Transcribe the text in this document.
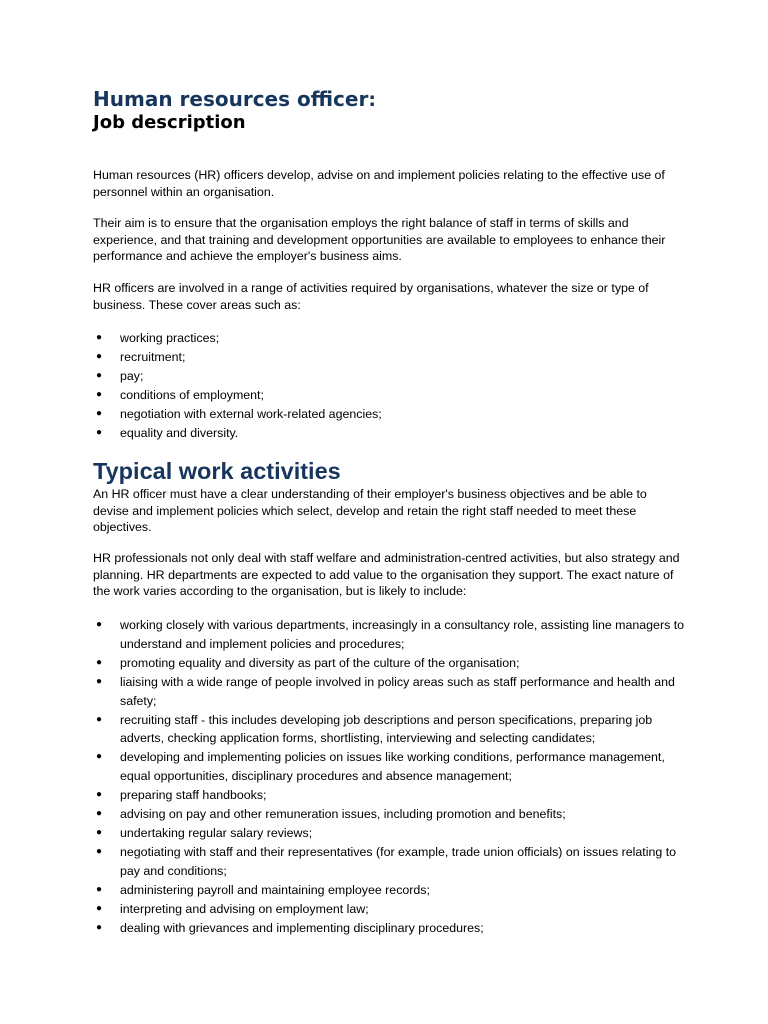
Human resources officer:
Job description

Human resources (HR) officers develop, advise on and implement policies relating to the effective use of personnel within an organisation.

Their aim is to ensure that the organisation employs the right balance of staff in terms of skills and experience, and that training and development opportunities are available to employees to enhance their performance and achieve the employer's business aims.

HR officers are involved in a range of activities required by organisations, whatever the size or type of business. These cover areas such as:

● working practices;
● recruitment;
● pay;
● conditions of employment;
● negotiation with external work-related agencies;
● equality and diversity.
Typical work activities

An HR officer must have a clear understanding of their employer's business objectives and be able to devise and implement policies which select, develop and retain the right staff needed to meet these objectives.

HR professionals not only deal with staff welfare and administration-centred activities, but also strategy and planning. HR departments are expected to add value to the organisation they support. The exact nature of the work varies according to the organisation, but is likely to include:

● working closely with various departments, increasingly in a consultancy role, assisting line managers to understand and implement policies and procedures;
● promoting equality and diversity as part of the culture of the organisation;
● liaising with a wide range of people involved in policy areas such as staff performance and health and safety;
● recruiting staff - this includes developing job descriptions and person specifications, preparing job adverts, checking application forms, shortlisting, interviewing and selecting candidates;
● developing and implementing policies on issues like working conditions, performance management, equal opportunities, disciplinary procedures and absence management;
● preparing staff handbooks;
● advising on pay and other remuneration issues, including promotion and benefits;
● undertaking regular salary reviews;
● negotiating with staff and their representatives (for example, trade union officials) on issues relating to pay and conditions;
● administering payroll and maintaining employee records;
● interpreting and advising on employment law;
● dealing with grievances and implementing disciplinary procedures;
